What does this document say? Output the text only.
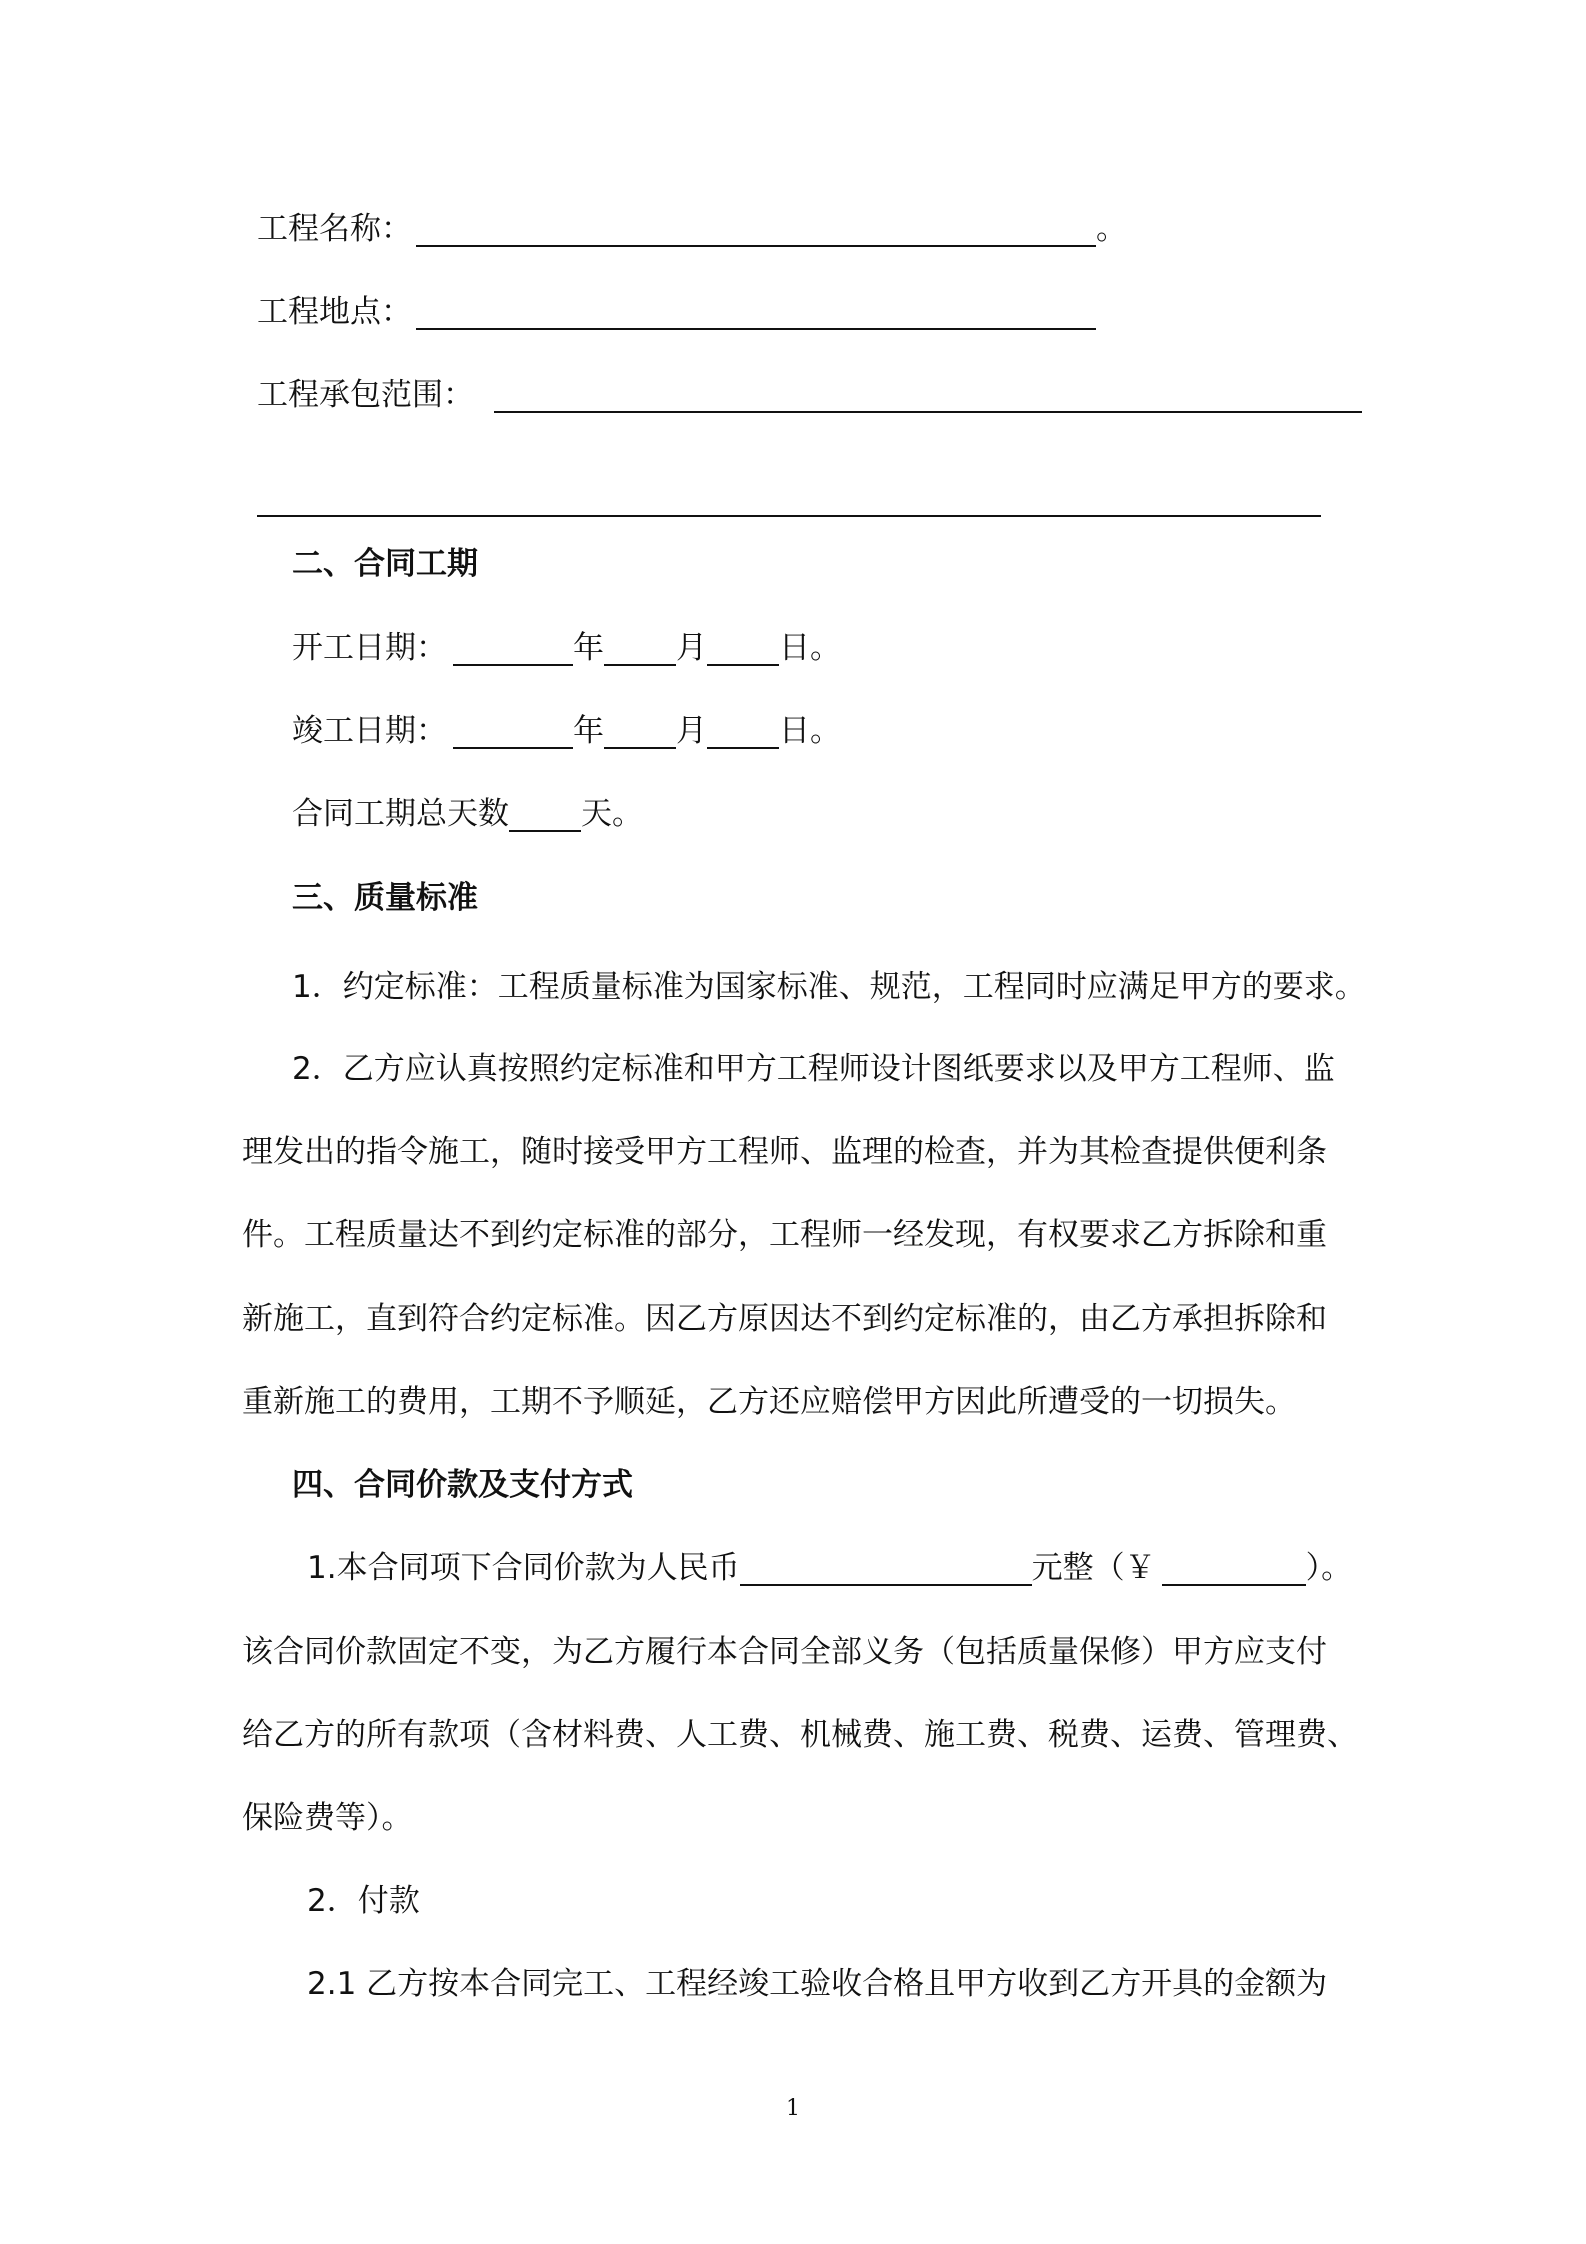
工程名称：	。
工程地点：
工程承包范围：
二、合同工期
开工日期：	年 月 日。
竣工日期：	年 月 日。
合同工期总天数 天。
三、质量标准
1．约定标准：工程质量标准为国家标准、规范，工程同时应满足甲方的要求。
2．乙方应认真按照约定标准和甲方工程师设计图纸要求以及甲方工程师、监
理发出的指令施工，随时接受甲方工程师、监理的检查，并为其检查提供便利条
件。工程质量达不到约定标准的部分，工程师一经发现，有权要求乙方拆除和重
新施工，直到符合约定标准。因乙方原因达不到约定标准的，由乙方承担拆除和
重新施工的费用，工期不予顺延，乙方还应赔偿甲方因此所遭受的一切损失。
四、合同价款及支付方式
1.本合同项下合同价款为人民币	元整（￥	）。
该合同价款固定不变，为乙方履行本合同全部义务（包括质量保修）甲方应支付
给乙方的所有款项（含材料费、人工费、机械费、施工费、税费、运费、管理费、
保险费等）。
2．付款
2.1 乙方按本合同完工、工程经竣工验收合格且甲方收到乙方开具的金额为
1
